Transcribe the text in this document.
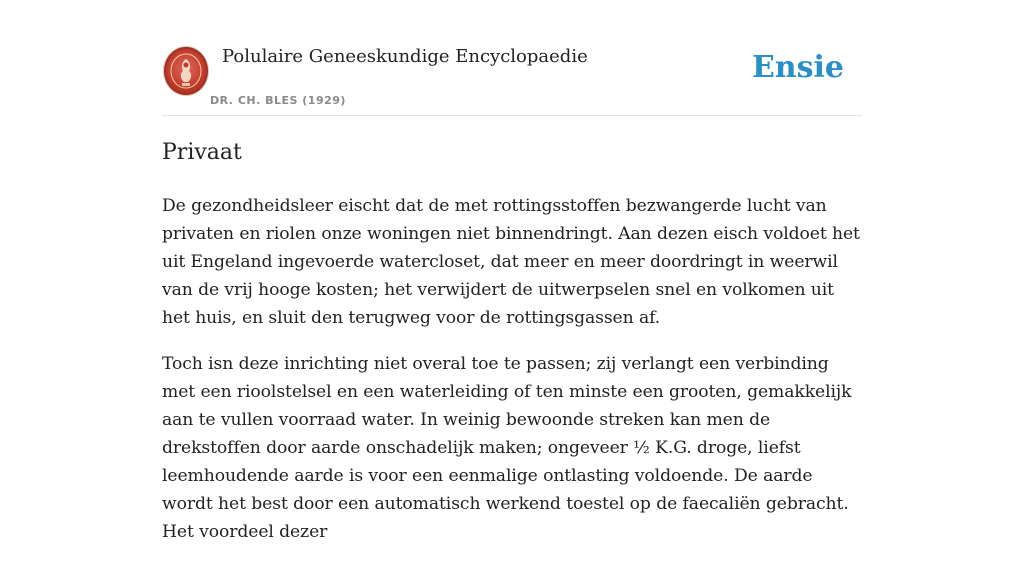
Polulaire Geneeskundige Encyclopaedie
DR. CH. BLES (1929)
Ensie
Privaat

De gezondheidsleer eischt dat de met rottingsstoffen bezwangerde lucht van privaten en riolen onze woningen niet binnendringt. Aan dezen eisch voldoet het uit Engeland ingevoerde watercloset, dat meer en meer doordringt in weerwil van de vrij hooge kosten; het verwijdert de uitwerpselen snel en volkomen uit het huis, en sluit den terugweg voor de rottingsgassen af.

Toch isn deze inrichting niet overal toe te passen; zij verlangt een verbinding met een rioolstelsel en een waterleiding of ten minste een grooten, gemakkelijk aan te vullen voorraad water. In weinig bewoonde streken kan men de drekstoffen door aarde onschadelijk maken; ongeveer ½ K.G. droge, liefst leemhoudende aarde is voor een eenmalige ontlasting voldoende. De aarde wordt het best door een automatisch werkend toestel op de faecaliën gebracht. Het voordeel dezer
